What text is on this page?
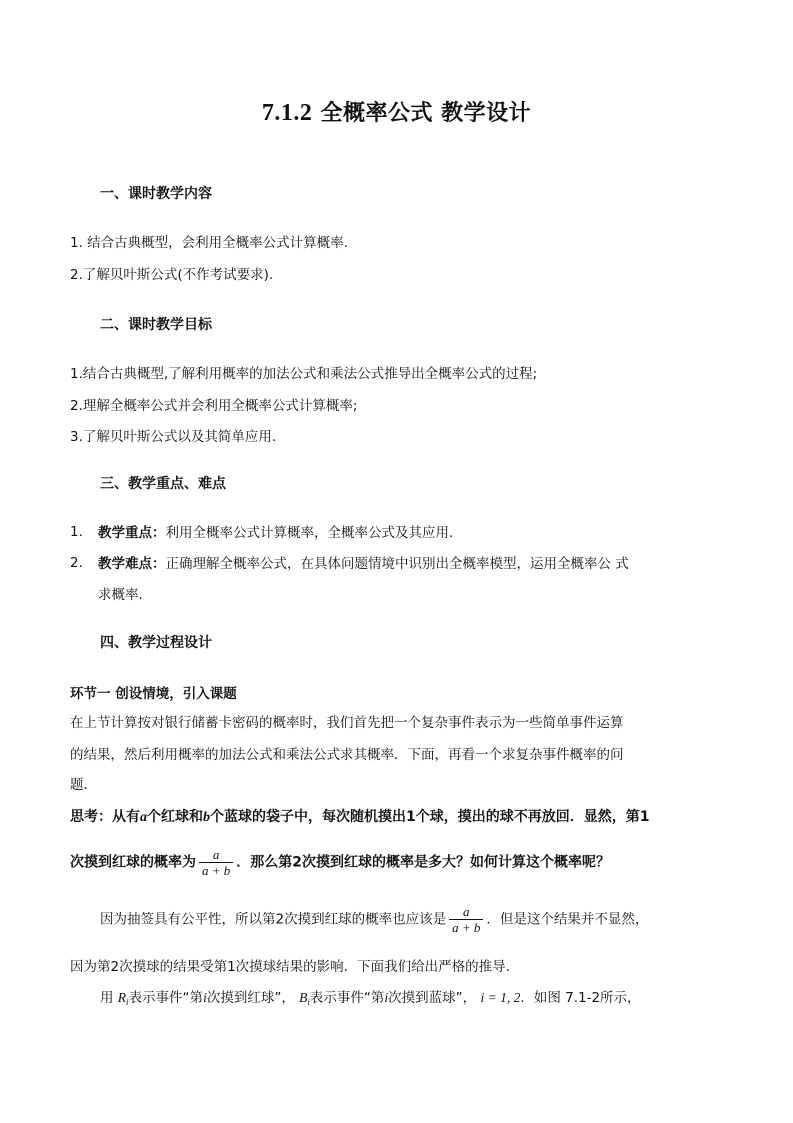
7.1.2 全概率公式 教学设计
一、课时教学内容
1. 结合古典概型，会利用全概率公式计算概率.
2.了解贝叶斯公式(不作考试要求).
二、课时教学目标
1.结合古典概型,了解利用概率的加法公式和乘法公式推导出全概率公式的过程;
2.理解全概率公式并会利用全概率公式计算概率;
3.了解贝叶斯公式以及其简单应用.
三、教学重点、难点
1. 教学重点：利用全概率公式计算概率，全概率公式及其应用.
2. 教学难点：正确理解全概率公式，在具体问题情境中识别出全概率模型，运用全概率公 式
求概率.
四、教学过程设计
环节一 创设情境，引入课题
在上节计算按对银行储蓄卡密码的概率时，我们首先把一个复杂事件表示为一些简单事件运算
的结果，然后利用概率的加法公式和乘法公式求其概率．下面，再看一个求复杂事件概率的问
题.
思考：从有a个红球和b个蓝球的袋子中，每次随机摸出1个球，摸出的球不再放回．显然，第1
次摸到红球的概率为 $\frac{a}{a + b}$ ．那么第2次摸到红球的概率是多大？如何计算这个概率呢？
因为抽签具有公平性，所以第2次摸到红球的概率也应该是 $\frac{a}{a + b}$ ．但是这个结果并不显然，
因为第2次摸球的结果受第1次摸球结果的影响．下面我们给出严格的推导.
用 $R_i$表示事件“第i次摸到红球”， $B_i$表示事件“第i次摸到蓝球”， i = 1, 2．如图 7.1-2所示，
